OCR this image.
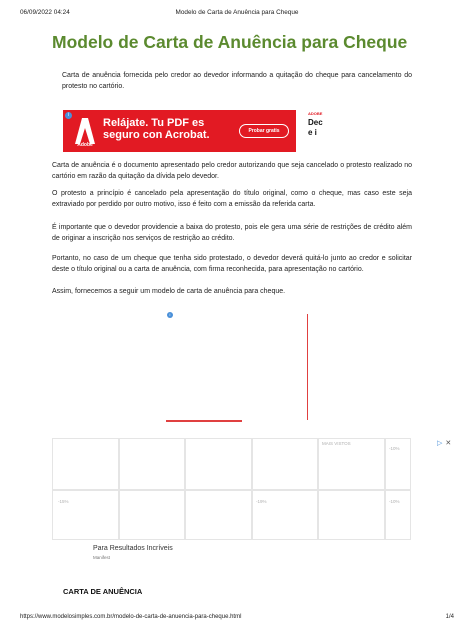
06/09/2022 04:24	Modelo de Carta de Anuência para Cheque
Modelo de Carta de Anuência para Cheque

Carta de anuência fornecida pelo credor ao devedor informando a quitação do cheque para cancelamento do protesto no cartório.

i
Adobe
Relájate. Tu PDF es seguro con Acrobat.	Probar gratis
ADOBE
Dec
e i

Carta de anuência é o documento apresentado pelo credor autorizando que seja cancelado o protesto realizado no cartório em razão da quitação da dívida pelo devedor.

O protesto a princípio é cancelado pela apresentação do título original, como o cheque, mas caso este seja extraviado por perdido por outro motivo, isso é feito com a emissão da referida carta.

É importante que o devedor providencie a baixa do protesto, pois ele gera uma série de restrições de crédito além de originar a inscrição nos serviços de restrição ao crédito.

Portanto, no caso de um cheque que tenha sido protestado, o devedor deverá quitá-lo junto ao credor e solicitar deste o título original ou a carta de anuência, com firma reconhecida, para apresentação no cartório.

Assim, fornecemos a seguir um modelo de carta de anuência para cheque.

i
MAIS VISTOS
-10%
-15%	-19%	-10%
▷ ✕
Para Resultados Incríveis
Manifest
CARTA DE ANUÊNCIA
https://www.modelosimples.com.br/modelo-de-carta-de-anuencia-para-cheque.html	1/4
